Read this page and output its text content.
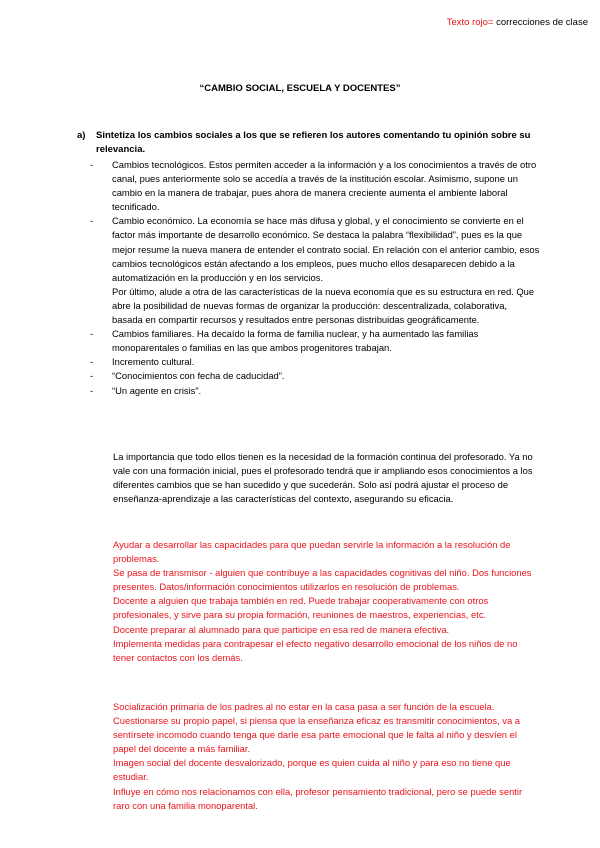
Texto rojo= correcciones de clase
“CAMBIO SOCIAL, ESCUELA Y DOCENTES”
a) Sintetiza los cambios sociales a los que se refieren los autores comentando tu opinión sobre su relevancia.
- Cambios tecnológicos. Estos permiten acceder a la información y a los conocimientos a través de otro canal, pues anteriormente solo se accedía a través de la institución escolar. Asimismo, supone un cambio en la manera de trabajar, pues ahora de manera creciente aumenta el ambiente laboral tecnificado.
- Cambio económico. La economía se hace más difusa y global, y el conocimiento se convierte en el factor más importante de desarrollo económico. Se destaca la palabra “flexibilidad”, pues es la que mejor resume la nueva manera de entender el contrato social. En relación con el anterior cambio, esos cambios tecnológicos están afectando a los empleos, pues mucho ellos desaparecen debido a la automatización en la producción y en los servicios.
Por último, alude a otra de las características de la nueva economía que es su estructura en red. Que abre la posibilidad de nuevas formas de organizar la producción: descentralizada, colaborativa, basada en compartir recursos y resultados entre personas distribuidas geográficamente.
- Cambios familiares. Ha decaído la forma de familia nuclear, y ha aumentado las familias monoparentales o familias en las que ambos progenitores trabajan.
- Incremento cultural.
- “Conocimientos con fecha de caducidad”.
- “Un agente en crisis”.

La importancia que todo ellos tienen es la necesidad de la formación continua del profesorado. Ya no vale con una formación inicial, pues el profesorado tendrá que ir ampliando esos conocimientos a los diferentes cambios que se han sucedido y que sucederán. Solo así podrá ajustar el proceso de enseñanza-aprendizaje a las características del contexto, asegurando su eficacia.

Ayudar a desarrollar las capacidades para que puedan servirle la información a la resolución de problemas.

Se pasa de transmisor - alguien que contribuye a las capacidades cognitivas del niño. Dos funciones presentes. Datos/información conocimientos utilizarlos en resolución de problemas.

Docente a alguien que trabaja también en red. Puede trabajar cooperativamente con otros profesionales, y sirve para su propia formación, reuniones de maestros, experiencias, etc.

Docente preparar al alumnado para que participe en esa red de manera efectiva.

Implementa medidas para contrapesar el efecto negativo desarrollo emocional de los niños de no tener contactos con los demás.

Socialización primaria de los padres al no estar en la casa pasa a ser función de la escuela.

Cuestionarse su propio papel, si piensa que la enseñanza eficaz es transmitir conocimientos, va a sentírsete incomodo cuando tenga que darle esa parte emocional que le falta al niño y desvíen el papel del docente a más familiar.

Imagen social del docente desvalorizado, porque es quien cuida al niño y para eso no tiene que estudiar.

Influye en cómo nos relacionamos con ella, profesor pensamiento tradicional, pero se puede sentir raro con una familia monoparental.
